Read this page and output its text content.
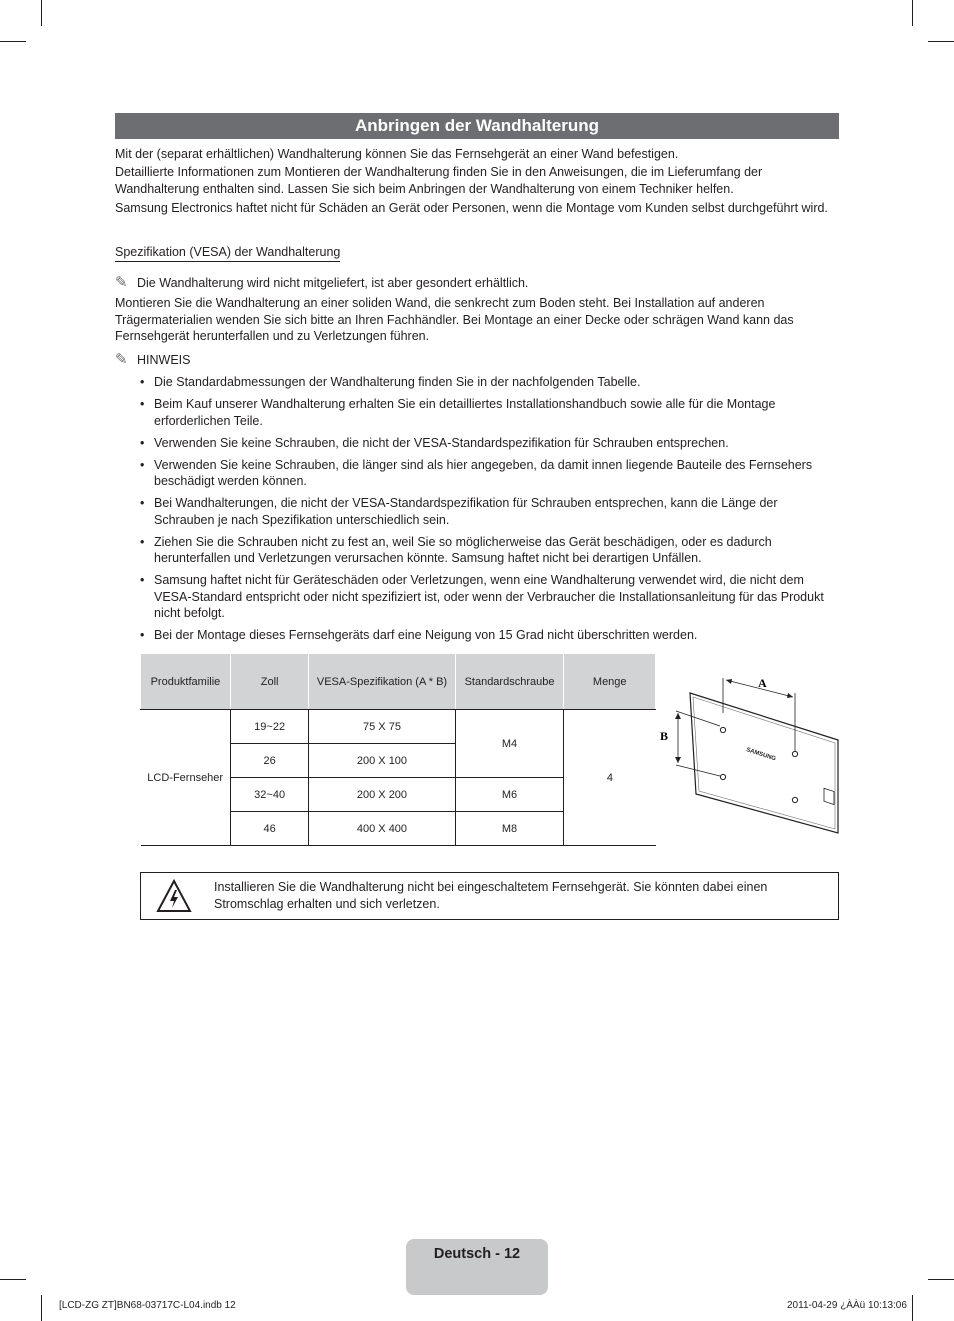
Anbringen der Wandhalterung

Mit der (separat erhältlichen) Wandhalterung können Sie das Fernsehgerät an einer Wand befestigen.

Detaillierte Informationen zum Montieren der Wandhalterung finden Sie in den Anweisungen, die im Lieferumfang der Wandhalterung enthalten sind. Lassen Sie sich beim Anbringen der Wandhalterung von einem Techniker helfen.

Samsung Electronics haftet nicht für Schäden an Gerät oder Personen, wenn die Montage vom Kunden selbst durchgeführt wird.

Spezifikation (VESA) der Wandhalterung
✎ Die Wandhalterung wird nicht mitgeliefert, ist aber gesondert erhältlich.

Montieren Sie die Wandhalterung an einer soliden Wand, die senkrecht zum Boden steht. Bei Installation auf anderen Trägermaterialien wenden Sie sich bitte an Ihren Fachhändler. Bei Montage an einer Decke oder schrägen Wand kann das Fernsehgerät herunterfallen und zu Verletzungen führen.

✎ HINWEIS
• Die Standardabmessungen der Wandhalterung finden Sie in der nachfolgenden Tabelle.
• Beim Kauf unserer Wandhalterung erhalten Sie ein detailliertes Installationshandbuch sowie alle für die Montage erforderlichen Teile.
• Verwenden Sie keine Schrauben, die nicht der VESA-Standardspezifikation für Schrauben entsprechen.
• Verwenden Sie keine Schrauben, die länger sind als hier angegeben, da damit innen liegende Bauteile des Fernsehers beschädigt werden können.
• Bei Wandhalterungen, die nicht der VESA-Standardspezifikation für Schrauben entsprechen, kann die Länge der Schrauben je nach Spezifikation unterschiedlich sein.
• Ziehen Sie die Schrauben nicht zu fest an, weil Sie so möglicherweise das Gerät beschädigen, oder es dadurch herunterfallen und Verletzungen verursachen könnte. Samsung haftet nicht bei derartigen Unfällen.
• Samsung haftet nicht für Geräteschäden oder Verletzungen, wenn eine Wandhalterung verwendet wird, die nicht dem VESA-Standard entspricht oder nicht spezifiziert ist, oder wenn der Verbraucher die Installationsanleitung für das Produkt nicht befolgt.
• Bei der Montage dieses Fernsehgeräts darf eine Neigung von 15 Grad nicht überschritten werden.
Produktfamilie	Zoll	VESA-Spezifikation (A * B)	Standardschraube	Menge
LCD-Fernseher	19~22	75 X 75	M4	4
	26	200 X 100		
	32~40	200 X 200	M6	
	46	400 X 400	M8	
A
B
SAMSUNG
Installieren Sie die Wandhalterung nicht bei eingeschaltetem Fernsehgerät. Sie könnten dabei einen Stromschlag erhalten und sich verletzen.
Deutsch - 12
[LCD-ZG ZT]BN68-03717C-L04.indb 12	2011-04-29 ¿ÀÀü 10:13:06
